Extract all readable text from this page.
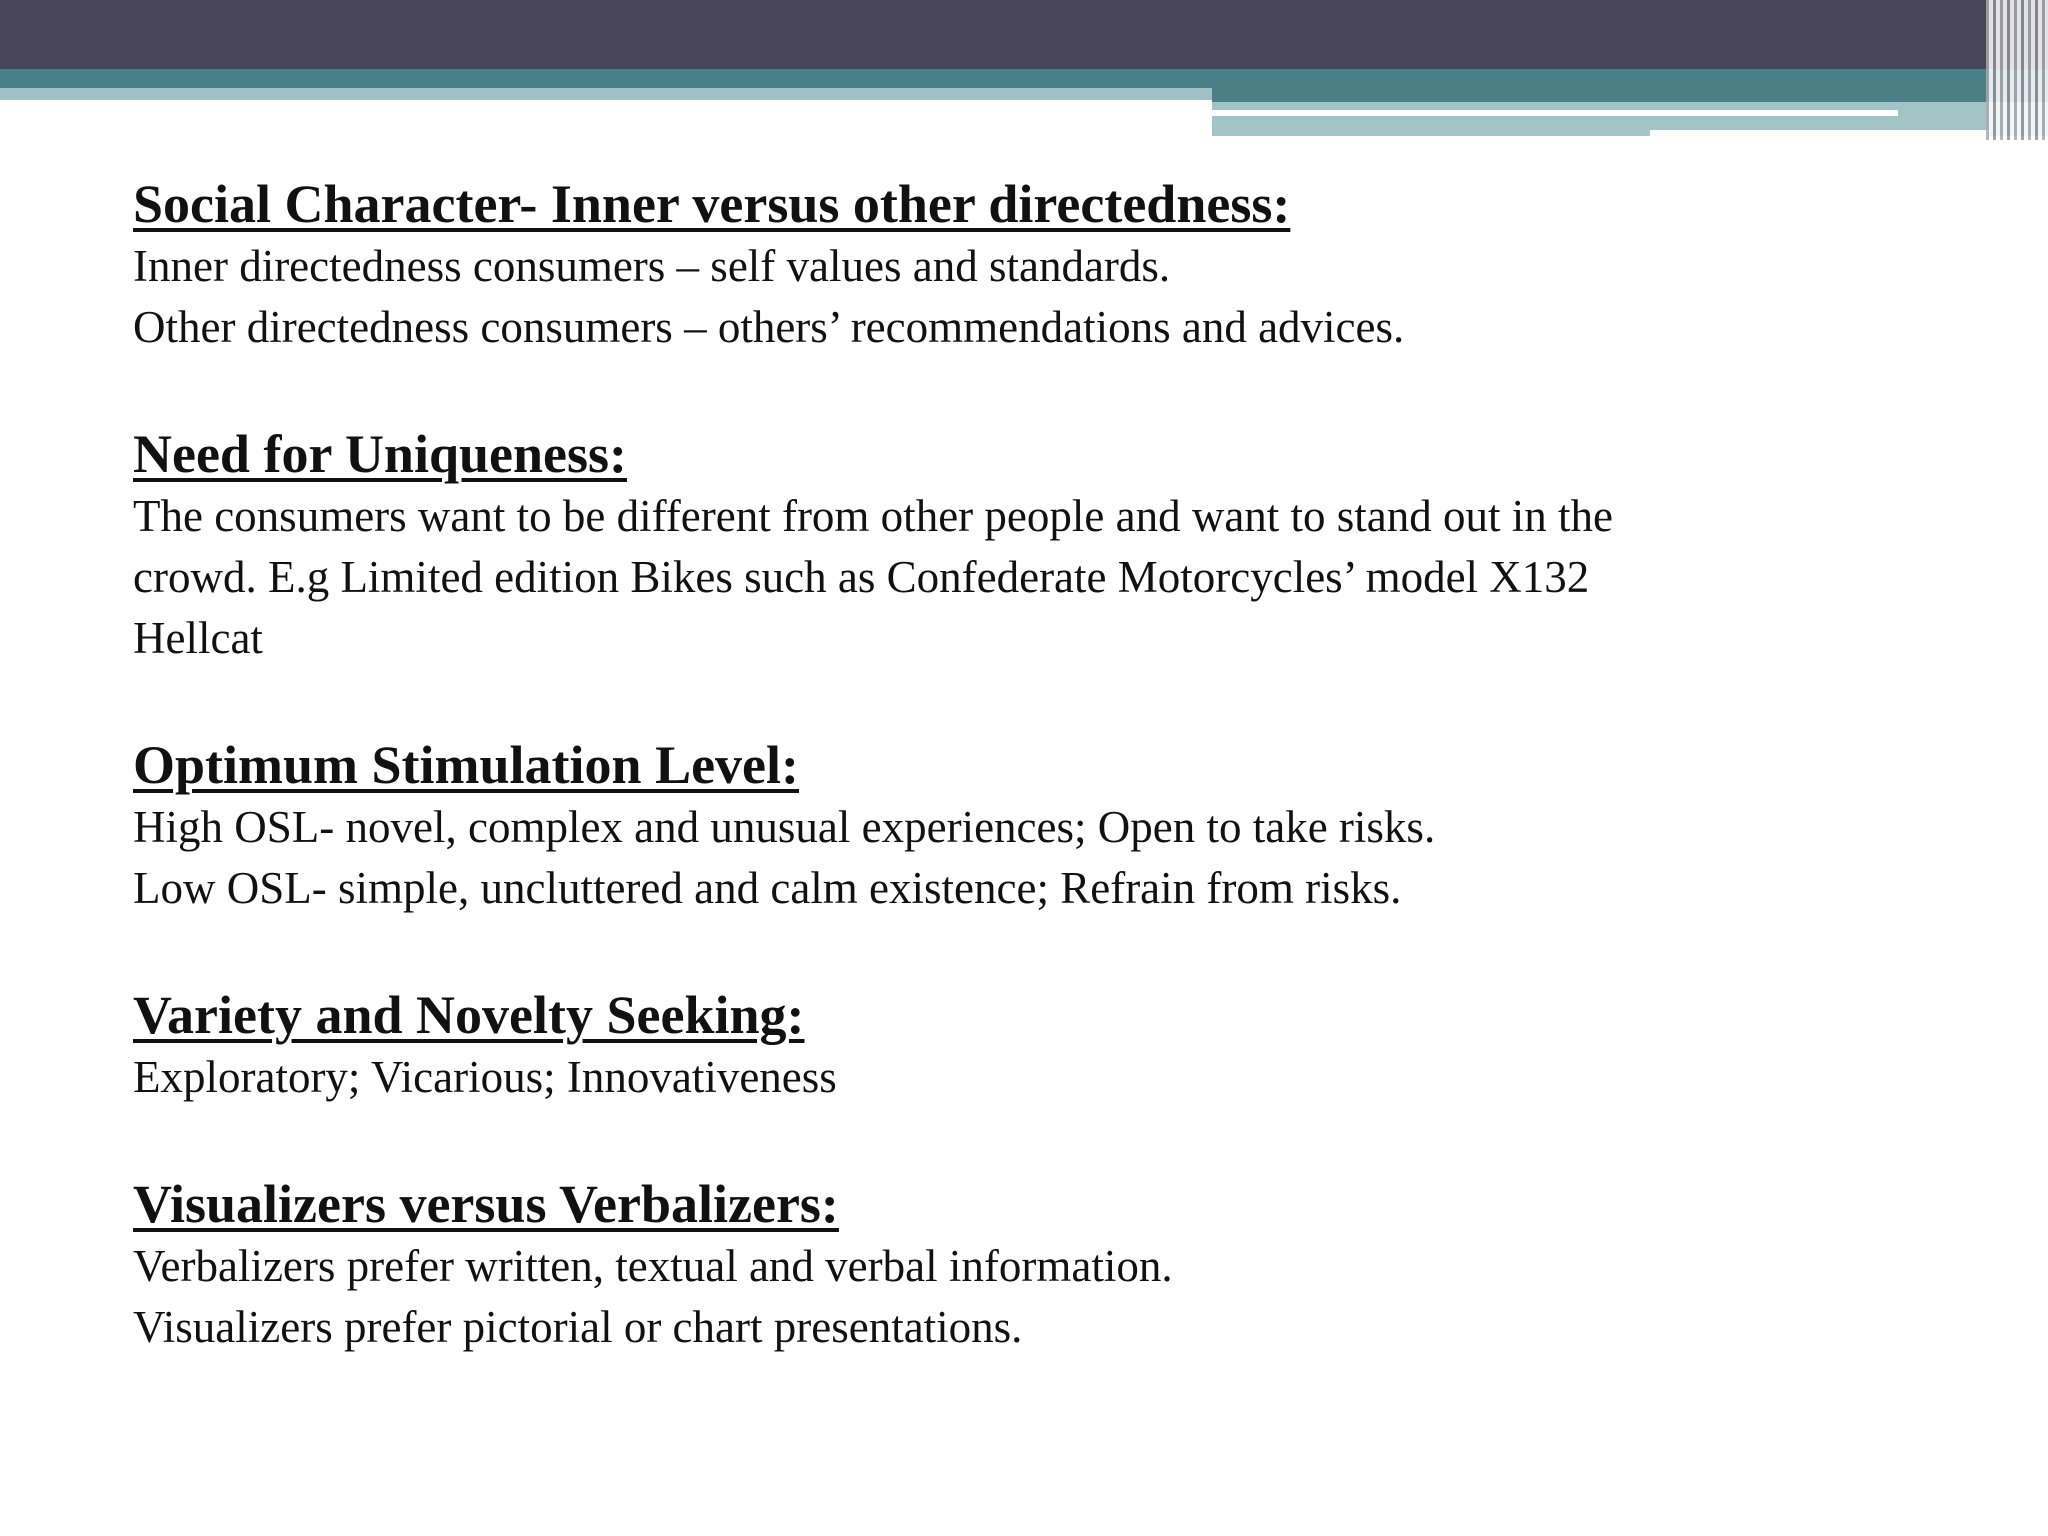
Social Character- Inner versus other directedness:

Inner directedness consumers – self values and standards.

Other directedness consumers – others’ recommendations and advices.

Need for Uniqueness:

The consumers want to be different from other people and want to stand out in the

crowd. E.g Limited edition Bikes such as Confederate Motorcycles’ model X132

Hellcat

Optimum Stimulation Level:

High OSL- novel, complex and unusual experiences; Open to take risks.

Low OSL- simple, uncluttered and calm existence; Refrain from risks.

Variety and Novelty Seeking:

Exploratory; Vicarious; Innovativeness

Visualizers versus Verbalizers:

Verbalizers prefer written, textual and verbal information.

Visualizers prefer pictorial or chart presentations.
